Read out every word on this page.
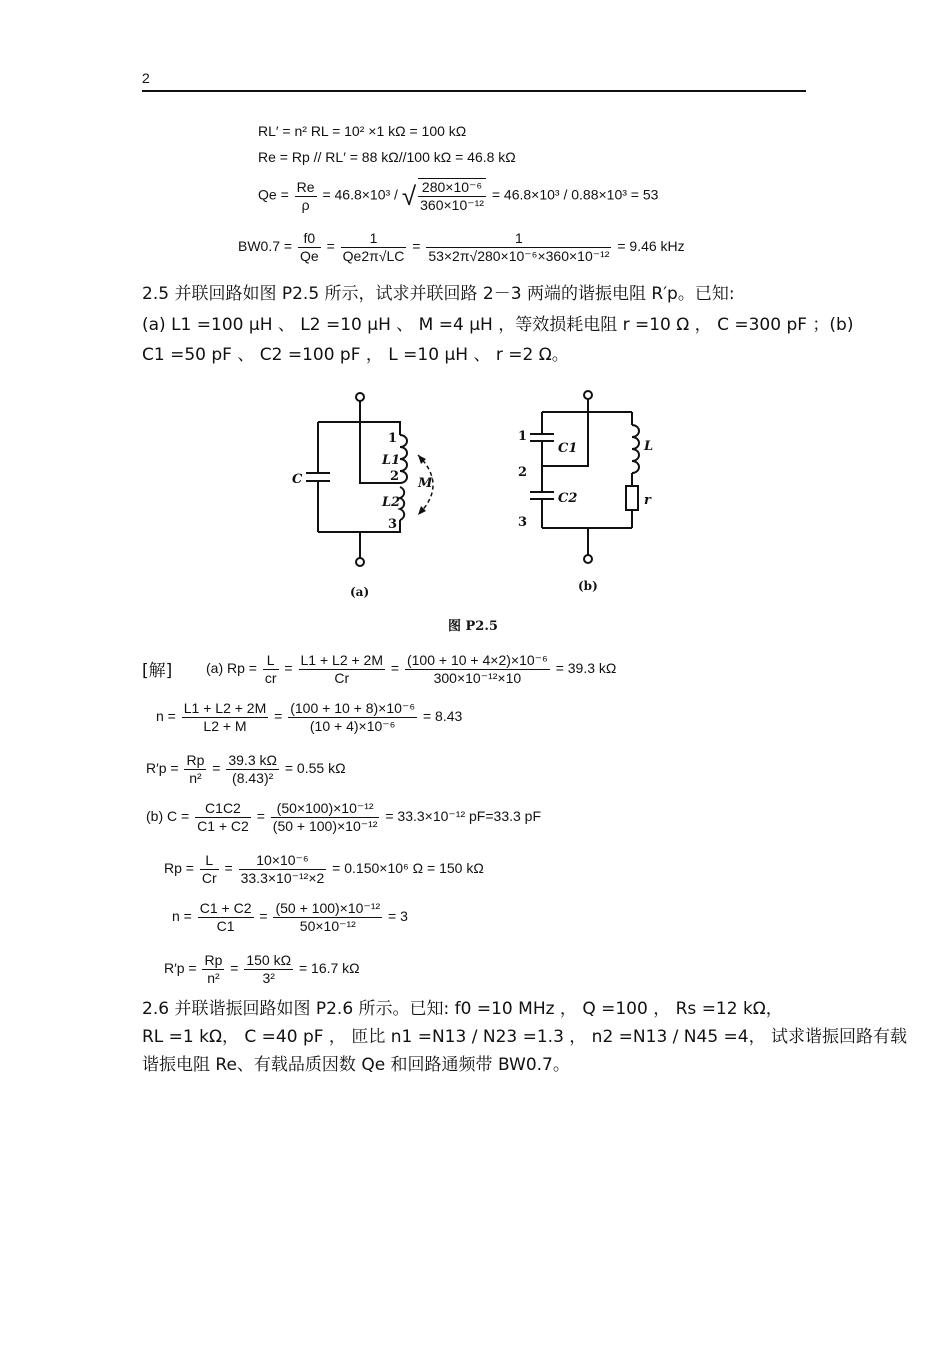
2
RL′ = n² RL = 10² ×1 kΩ = 100 kΩ
Re = Rp // RL′ = 88 kΩ//100 kΩ = 46.8 kΩ
$Qe = \frac{Re}{\rho} = 46.8\times 10^3$ / √ $\frac{\text{280×10⁻⁶}}{\text{360×10⁻¹²}} = 46.8\times 10^3 / 0.88\times 10^3 = 53$
$BW0.7 = \frac{f0}{Qe} = \frac{1}{Qe2\pi√LC} = \frac{1}{\text{53×2π√280×10⁻⁶×360×10⁻¹²}} = 9.46$ kHz
2.5 并联回路如图 P2.5 所示，试求并联回路 2－3 两端的谐振电阻 R′p。已知:
(a) L1 =100 μH 、 L2 =10 μH 、 M =4 μH ，等效损耗电阻 r =10 Ω ， C =300 pF ；(b)
C1 =50 pF 、 C2 =100 pF ， L =10 μH 、 r =2 Ω。
C
1
L1
2 M
L2
3
(a)
1
C1
2
C2
3
L
r
(b)
图 P2.5
[解] (a) $Rp = \frac{L}{cr} = \frac{L1 + L2 + 2M}{Cr} = \frac{\text{(100 + 10 + 4×2)×10⁻⁶}}{\text{300×10⁻¹²×10}} = 39.3$ kΩ
$n = \frac{L1 + L2 + 2M}{L2 + M} = \frac{\text{(100 + 10 + 8)×10⁻⁶}}{\text{(10 + 4)×10⁻⁶}} = 8.43$
$R'p = \frac{Rp}{\text{n²}} = \frac{39.3 k\Omega}{\text{(8.43)²}} = 0.55$ kΩ
(b) $C = \frac{C1C2}{C1 + C2} = \frac{\text{(50×100)×10⁻¹²}}{\text{(50 + 100)×10⁻¹²}} = 33.3\times 10^{-12}$ pF=33.3 pF
$Rp = \frac{L}{Cr} = \frac{\text{10×10⁻⁶}}{\text{33.3×10⁻¹²×2}} = 0.150\times 10^6$ Ω = 150 kΩ
$n = \frac{C1 + C2}{C1} = \frac{\text{(50 + 100)×10⁻¹²}}{\text{50×10⁻¹²}} = 3$
$R'p = \frac{Rp}{\text{n²}} = \frac{150 k\Omega}{\text{3²}} = 16.7$ kΩ
2.6 并联谐振回路如图 P2.6 所示。已知: f0 =10 MHz ， Q =100 ， Rs =12 kΩ，
RL =1 kΩ， C =40 pF ， 匝比 n1 =N13 / N23 =1.3 ， n2 =N13 / N45 =4， 试求谐振回路有载
谐振电阻 Re、有载品质因数 Qe 和回路通频带 BW0.7。
